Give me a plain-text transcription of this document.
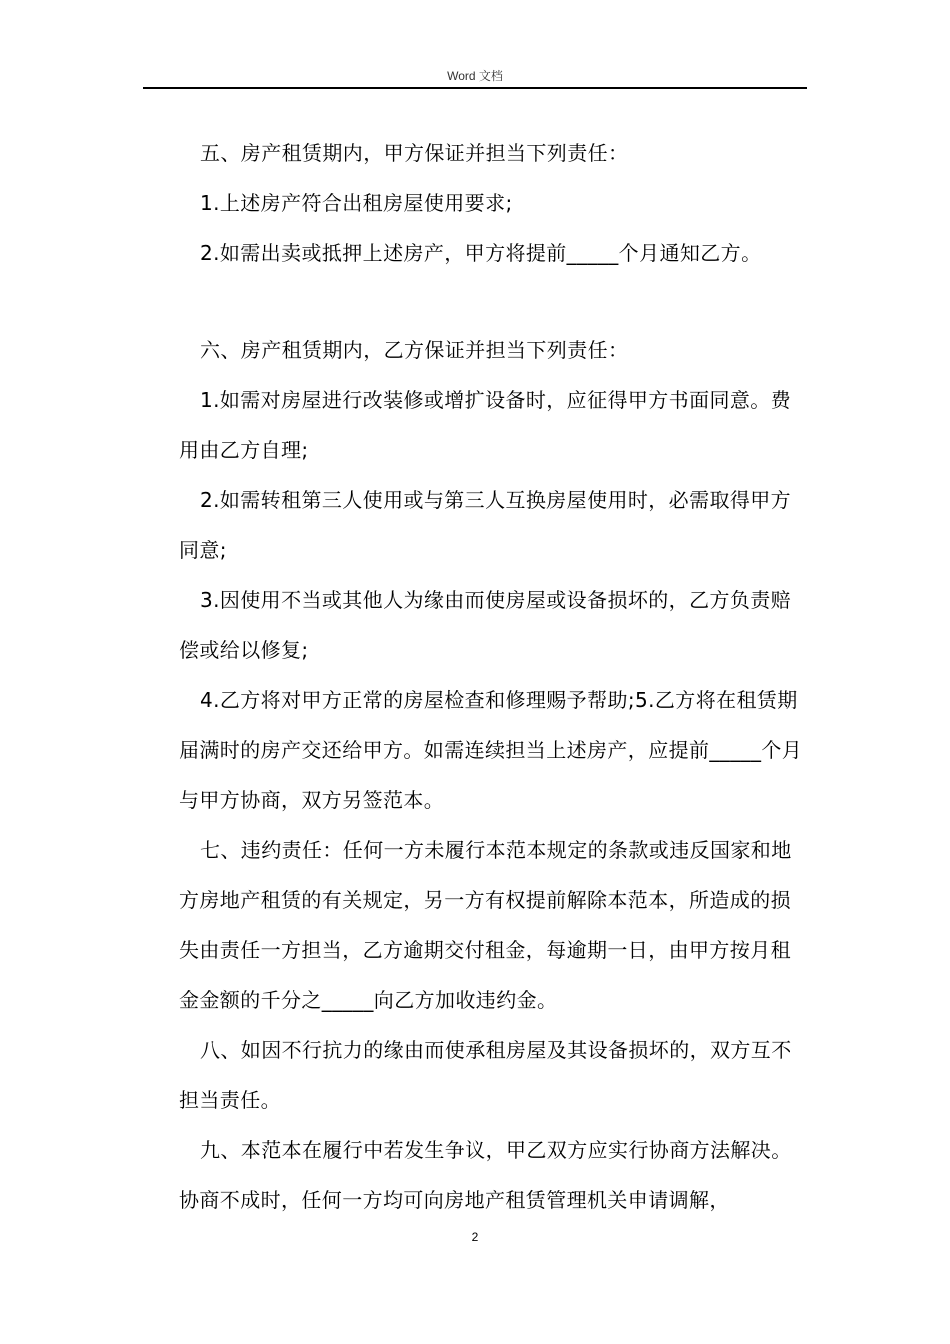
Word 文档

五、房产租赁期内，甲方保证并担当下列责任：

1.上述房产符合出租房屋使用要求;

2.如需出卖或抵押上述房产，甲方将提前_____个月通知乙方。

六、房产租赁期内，乙方保证并担当下列责任：

1.如需对房屋进行改装修或增扩设备时，应征得甲方书面同意。费用由乙方自理;

2.如需转租第三人使用或与第三人互换房屋使用时，必需取得甲方同意;

3.因使用不当或其他人为缘由而使房屋或设备损坏的，乙方负责赔偿或给以修复;

4.乙方将对甲方正常的房屋检查和修理赐予帮助;5.乙方将在租赁期届满时的房产交还给甲方。如需连续担当上述房产，应提前_____个月与甲方协商，双方另签范本。

七、违约责任：任何一方未履行本范本规定的条款或违反国家和地方房地产租赁的有关规定，另一方有权提前解除本范本，所造成的损失由责任一方担当，乙方逾期交付租金，每逾期一日，由甲方按月租金金额的千分之_____向乙方加收违约金。

八、如因不行抗力的缘由而使承租房屋及其设备损坏的，双方互不担当责任。

九、本范本在履行中若发生争议，甲乙双方应实行协商方法解决。协商不成时，任何一方均可向房地产租赁管理机关申请调解，

2
